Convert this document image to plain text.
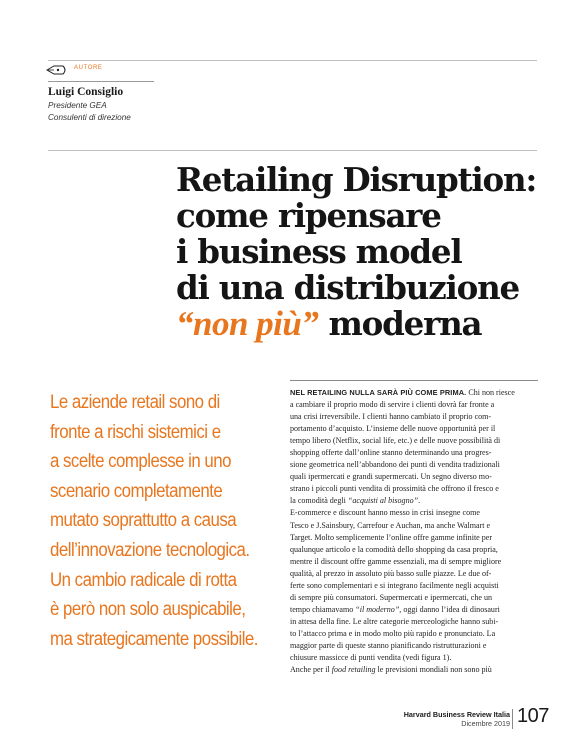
AUTORE
Luigi Consiglio
Presidente GEA
Consulenti di direzione
Retailing Disruption:
come ripensare
i business model
di una distribuzione
“non più” moderna
Le aziende retail sono di
fronte a rischi sistemici e
a scelte complesse in uno
scenario completamente
mutato soprattutto a causa
dell’innovazione tecnologica.
Un cambio radicale di rotta
è però non solo auspicabile,
ma strategicamente possibile.
NEL RETAILING NULLA SARÀ PIÙ COME PRIMA. Chi non riesce
a cambiare il proprio modo di servire i clienti dovrà far fronte a
una crisi irreversibile. I clienti hanno cambiato il proprio com-
portamento d’acquisto. L’insieme delle nuove opportunità per il
tempo libero (Netflix, social life, etc.) e delle nuove possibilità di
shopping offerte dall’online stanno determinando una progres-
sione geometrica nell’abbandono dei punti di vendita tradizionali
quali ipermercati e grandi supermercati. Un segno diverso mo-
strano i piccoli punti vendita di prossimità che offrono il fresco e
la comodità degli “acquisti al bisogno”.
E-commerce e discount hanno messo in crisi insegne come
Tesco e J.Sainsbury, Carrefour e Auchan, ma anche Walmart e
Target. Molto semplicemente l’online offre gamme infinite per
qualunque articolo e la comodità dello shopping da casa propria,
mentre il discount offre gamme essenziali, ma di sempre migliore
qualità, al prezzo in assoluto più basso sulle piazze. Le due of-
ferte sono complementari e si integrano facilmente negli acquisti
di sempre più consumatori. Supermercati e ipermercati, che un
tempo chiamavamo “il moderno”, oggi danno l’idea di dinosauri
in attesa della fine. Le altre categorie merceologiche hanno subi-
to l’attacco prima e in modo molto più rapido e pronunciato. La
maggior parte di queste stanno pianificando ristrutturazioni e
chiusure massicce di punti vendita (vedi figura 1).
Anche per il food retailing le previsioni mondiali non sono più
Harvard Business Review Italia
Dicembre 2019 107
